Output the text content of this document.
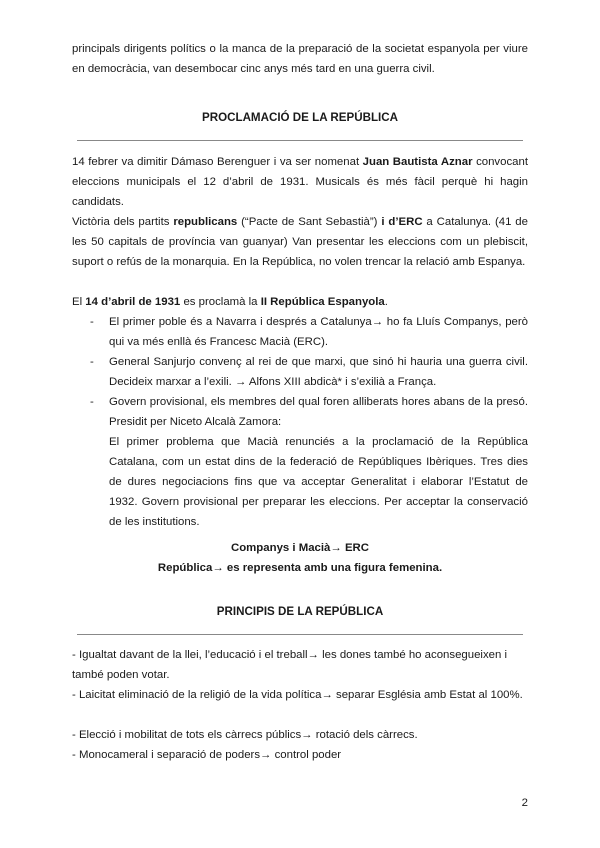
principals dirigents polítics o la manca de la preparació de la societat espanyola per viure en democràcia, van desembocar cinc anys més tard en una guerra civil.
PROCLAMACIÓ DE LA REPÚBLICA
14 febrer va dimitir Dámaso Berenguer i va ser nomenat Juan Bautista Aznar convocant eleccions municipals el 12 d’abril de 1931. Musicals és més fàcil perquè hi hagin candidats.
Victòria dels partits republicans (“Pacte de Sant Sebastià”) i d’ERC a Catalunya. (41 de les 50 capitals de província van guanyar) Van presentar les eleccions com un plebiscit, suport o refús de la monarquia. En la República, no volen trencar la relació amb Espanya.
El 14 d’abril de 1931 es proclamà la II República Espanyola.
- El primer poble és a Navarra i després a Catalunya→ ho fa Lluís Companys, però qui va més enllà és Francesc Macià (ERC).
- General Sanjurjo convenç al rei de que marxi, que sinó hi hauria una guerra civil. Decideix marxar a l’exili. → Alfons XIII abdicà* i s’exilià a França.
- Govern provisional, els membres del qual foren alliberats hores abans de la presó. Presidit per Niceto Alcalà Zamora:
El primer problema que Macià renunciés a la proclamació de la República Catalana, com un estat dins de la federació de Repúbliques Ibèriques. Tres dies de dures negociacions fins que va acceptar Generalitat i elaborar l’Estatut de 1932. Govern provisional per preparar les eleccions. Per acceptar la conservació de les institutions.
Companys i Macià→ ERC
República→ es representa amb una figura femenina.
PRINCIPIS DE LA REPÚBLICA
- Igualtat davant de la llei, l’educació i el treball→ les dones també ho aconsegueixen i també poden votar.
- Laicitat eliminació de la religió de la vida política→ separar Església amb Estat al 100%.
- Elecció i mobilitat de tots els càrrecs públics→ rotació dels càrrecs.
- Monocameral i separació de poders→ control poder
2
